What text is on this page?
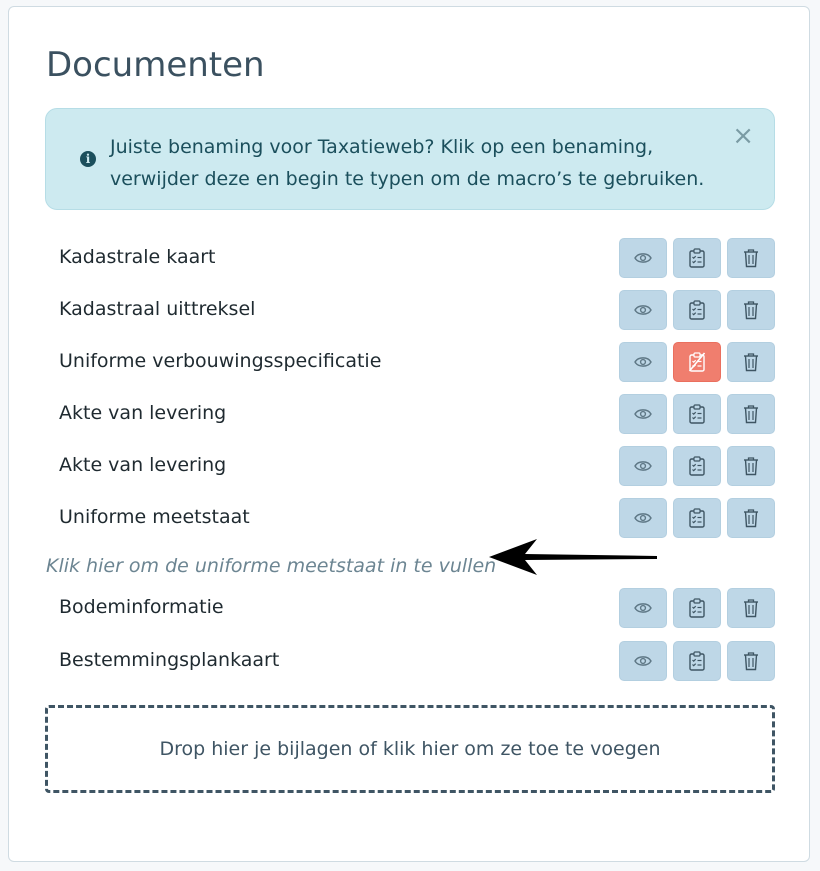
Documenten
i
Juiste benaming voor Taxatieweb? Klik op een benaming, verwijder deze en begin te typen om de macro’s te gebruiken.
×
Kadastrale kaart
Kadastraal uittreksel
Uniforme verbouwingsspecificatie
Akte van levering
Akte van levering
Uniforme meetstaat
Klik hier om de uniforme meetstaat in te vullen
Bodeminformatie
Bestemmingsplankaart
Drop hier je bijlagen of klik hier om ze toe te voegen
